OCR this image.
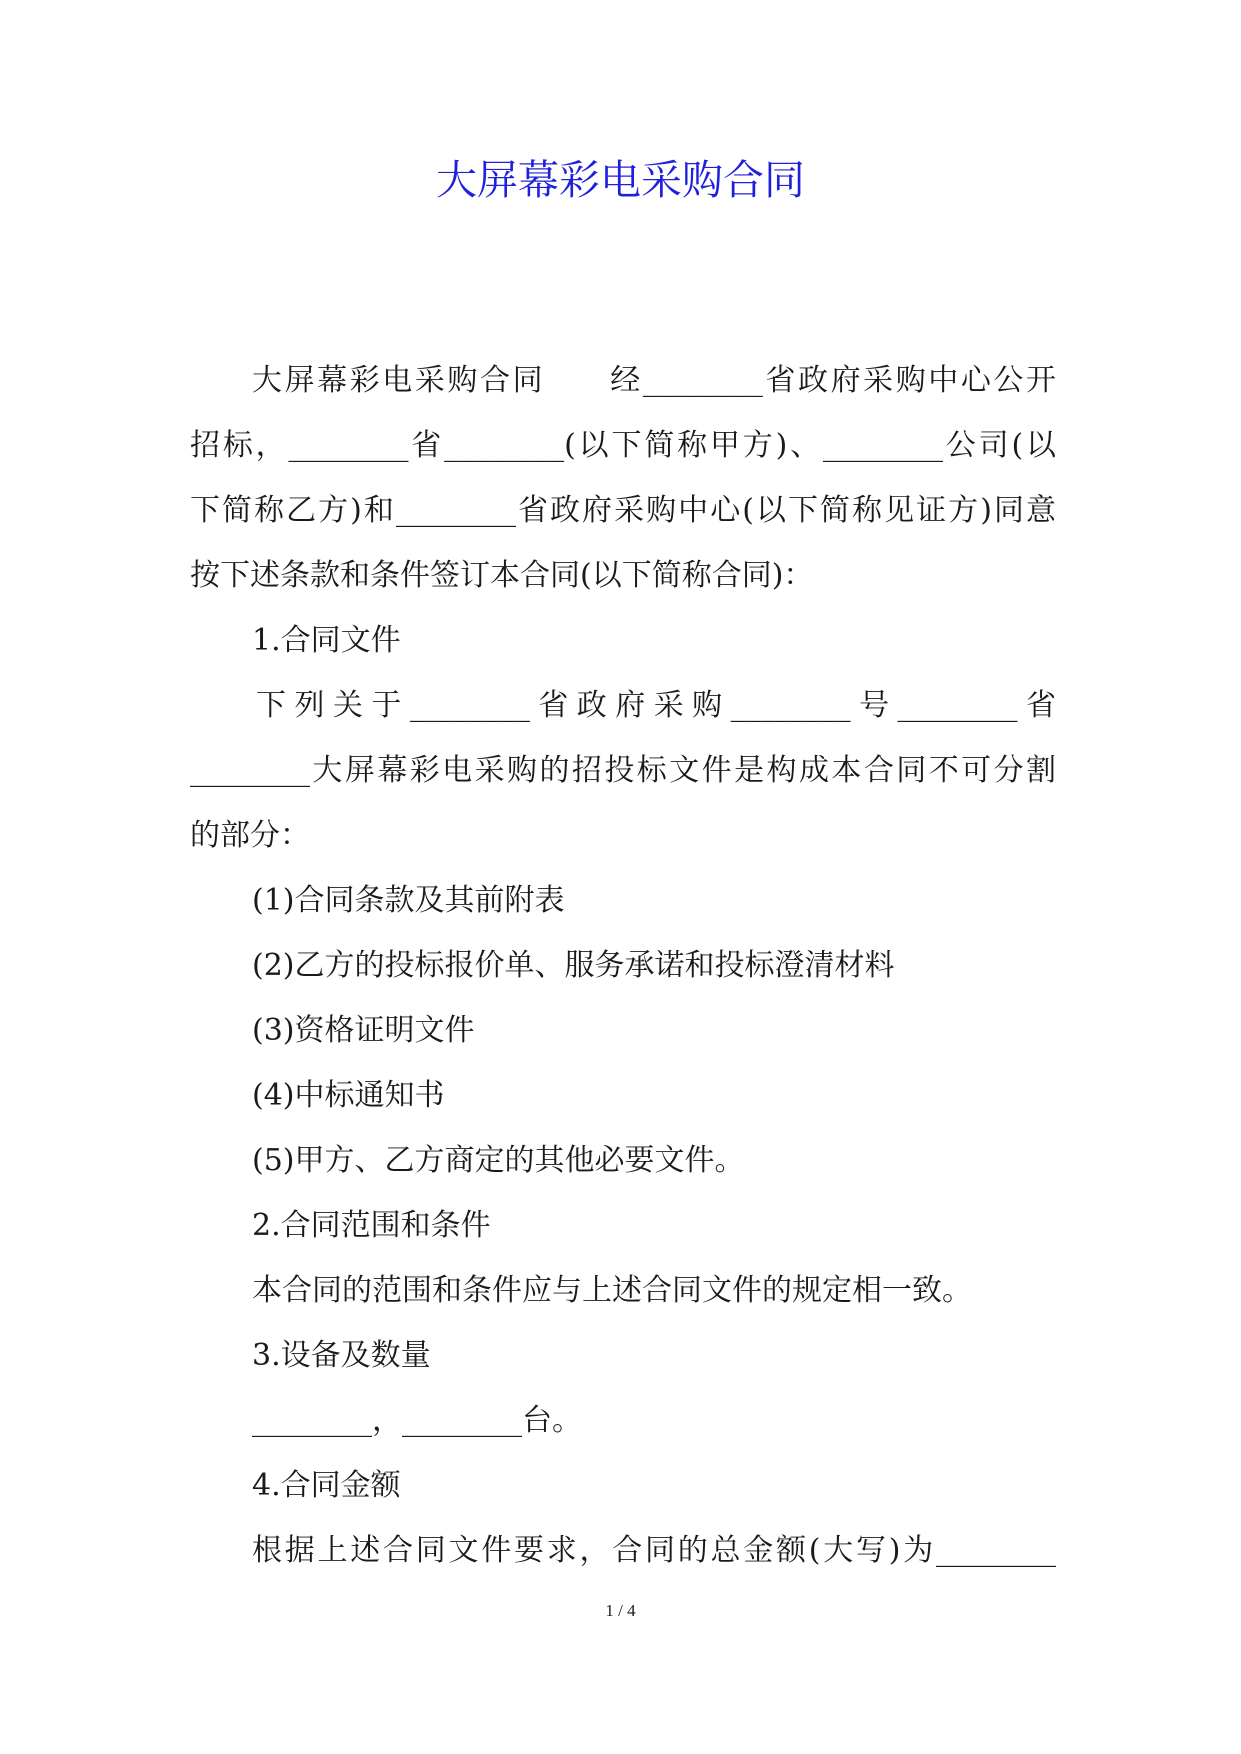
大屏幕彩电采购合同

大屏幕彩电采购合同　　经________省政府采购中心公开

招标，________省________(以下简称甲方)、________公司(以

下简称乙方)和________省政府采购中心(以下简称见证方)同意

按下述条款和条件签订本合同(以下简称合同)：

1.合同文件

下列关于________省政府采购________号________省

________大屏幕彩电采购的招投标文件是构成本合同不可分割

的部分：

(1)合同条款及其前附表

(2)乙方的投标报价单、服务承诺和投标澄清材料

(3)资格证明文件

(4)中标通知书

(5)甲方、乙方商定的其他必要文件。

2.合同范围和条件

本合同的范围和条件应与上述合同文件的规定相一致。

3.设备及数量

________，________台。

4.合同金额

根据上述合同文件要求，合同的总金额(大写)为________

1 / 4
